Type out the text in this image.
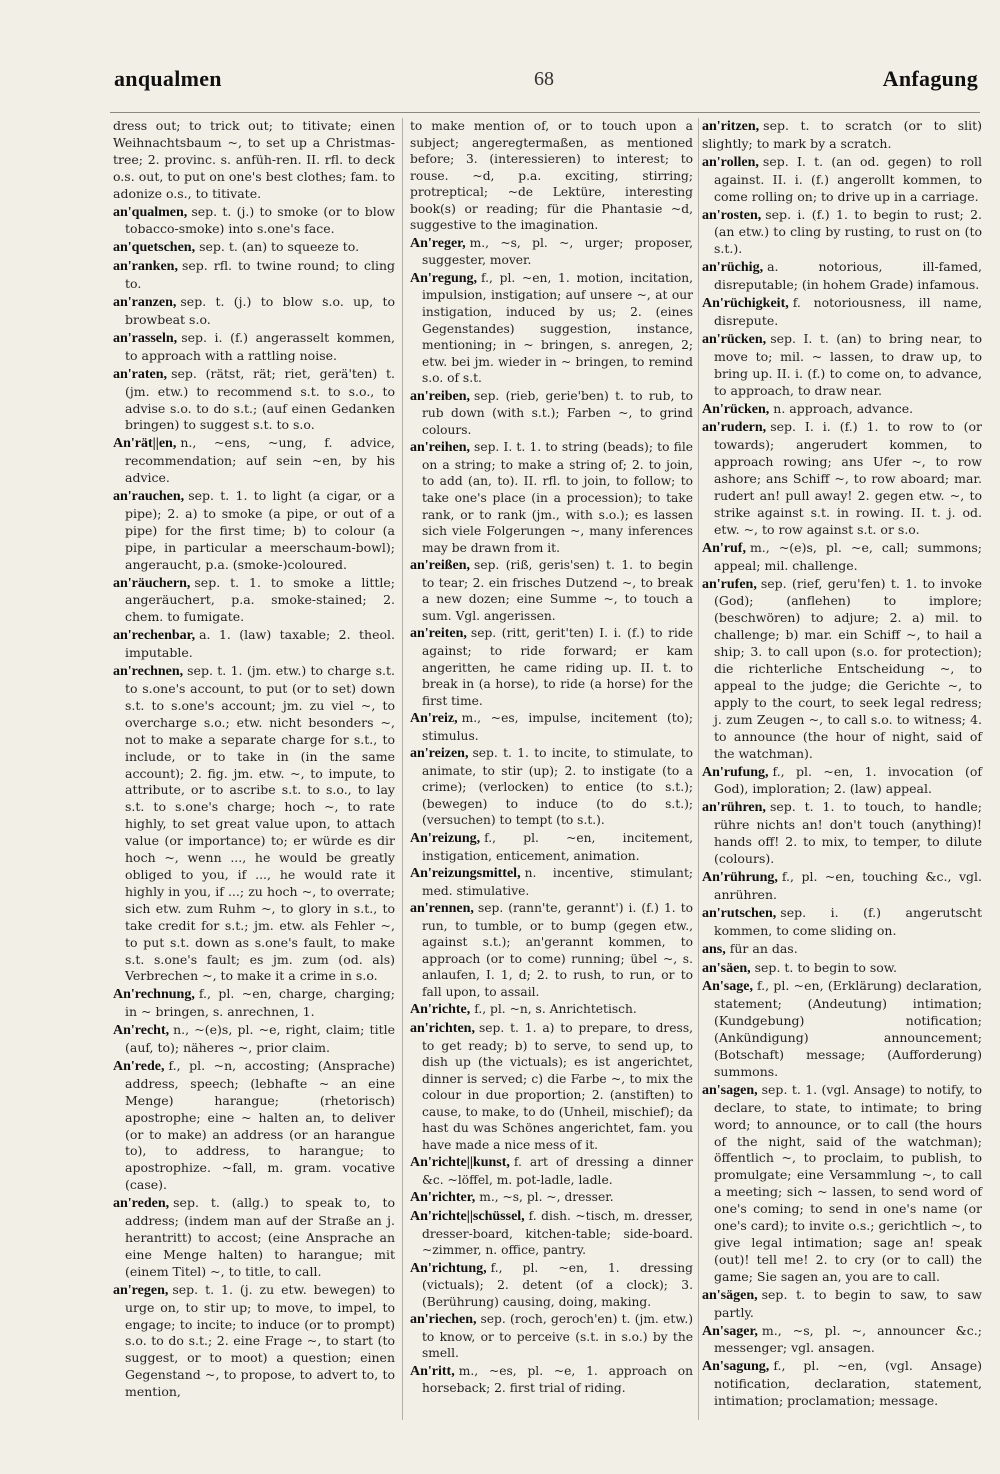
anqualmen	68	Anfagung

dress out; to trick out; to titivate; einen Weihnachtsbaum ~, to set up a Christmas-tree; 2. provinc. s. anfüh-ren. II. rfl. to deck o.s. out, to put on one's best clothes; fam. to adonize o.s., to titivate.

an'qualmen, sep. t. (j.) to smoke (or to blow tobacco-smoke) into s.one's face.

an'quetschen, sep. t. (an) to squeeze to.

an'ranken, sep. rfl. to twine round; to cling to.

an'ranzen, sep. t. (j.) to blow s.o. up, to browbeat s.o.

an'rasseln, sep. i. (f.) angerasselt kommen, to approach with a rattling noise.

an'raten, sep. (rätst, rät; riet, gerä'ten) t. (jm. etw.) to recommend s.t. to s.o., to advise s.o. to do s.t.; (auf einen Gedanken bringen) to suggest s.t. to s.o.

An'rät||en, n., ~ens, ~ung, f. advice, recommendation; auf sein ~en, by his advice.

an'rauchen, sep. t. 1. to light (a cigar, or a pipe); 2. a) to smoke (a pipe, or out of a pipe) for the first time; b) to colour (a pipe, in particular a meerschaum-bowl); angeraucht, p.a. (smoke-)coloured.

an'räuchern, sep. t. 1. to smoke a little; angeräuchert, p.a. smoke-stained; 2. chem. to fumigate.

an'rechenbar, a. 1. (law) taxable; 2. theol. imputable.

an'rechnen, sep. t. 1. (jm. etw.) to charge s.t. to s.one's account, to put (or to set) down s.t. to s.one's account; jm. zu viel ~, to overcharge s.o.; etw. nicht besonders ~, not to make a separate charge for s.t., to include, or to take in (in the same account); 2. fig. jm. etw. ~, to impute, to attribute, or to ascribe s.t. to s.o., to lay s.t. to s.one's charge; hoch ~, to rate highly, to set great value upon, to attach value (or importance) to; er würde es dir hoch ~, wenn ..., he would be greatly obliged to you, if ..., he would rate it highly in you, if ...; zu hoch ~, to overrate; sich etw. zum Ruhm ~, to glory in s.t., to take credit for s.t.; jm. etw. als Fehler ~, to put s.t. down as s.one's fault, to make s.t. s.one's fault; es jm. zum (od. als) Verbrechen ~, to make it a crime in s.o.

An'rechnung, f., pl. ~en, charge, charging; in ~ bringen, s. anrechnen, 1.

An'recht, n., ~(e)s, pl. ~e, right, claim; title (auf, to); näheres ~, prior claim.

An'rede, f., pl. ~n, accosting; (Ansprache) address, speech; (lebhafte ~ an eine Menge) harangue; (rhetorisch) apostrophe; eine ~ halten an, to deliver (or to make) an address (or an harangue to), to address, to harangue; to apostrophize. ~fall, m. gram. vocative (case).

an'reden, sep. t. (allg.) to speak to, to address; (indem man auf der Straße an j. herantritt) to accost; (eine Ansprache an eine Menge halten) to harangue; mit (einem Titel) ~, to title, to call.

an'regen, sep. t. 1. (j. zu etw. bewegen) to urge on, to stir up; to move, to impel, to engage; to incite; to induce (or to prompt) s.o. to do s.t.; 2. eine Frage ~, to start (to suggest, or to moot) a question; einen Gegenstand ~, to propose, to advert to, to mention,

to make mention of, or to touch upon a subject; angeregtermaßen, as mentioned before; 3. (interessieren) to interest; to rouse. ~d, p.a. exciting, stirring; protreptical; ~de Lektüre, interesting book(s) or reading; für die Phantasie ~d, suggestive to the imagination.

An'reger, m., ~s, pl. ~, urger; proposer, suggester, mover.

An'regung, f., pl. ~en, 1. motion, incitation, impulsion, instigation; auf unsere ~, at our instigation, induced by us; 2. (eines Gegenstandes) suggestion, instance, mentioning; in ~ bringen, s. anregen, 2; etw. bei jm. wieder in ~ bringen, to remind s.o. of s.t.

an'reiben, sep. (rieb, gerie'ben) t. to rub, to rub down (with s.t.); Farben ~, to grind colours.

an'reihen, sep. I. t. 1. to string (beads); to file on a string; to make a string of; 2. to join, to add (an, to). II. rfl. to join, to follow; to take one's place (in a procession); to take rank, or to rank (jm., with s.o.); es lassen sich viele Folgerungen ~, many inferences may be drawn from it.

an'reißen, sep. (riß, geris'sen) t. 1. to begin to tear; 2. ein frisches Dutzend ~, to break a new dozen; eine Summe ~, to touch a sum. Vgl. angerissen.

an'reiten, sep. (ritt, gerit'ten) I. i. (f.) to ride against; to ride forward; er kam angeritten, he came riding up. II. t. to break in (a horse), to ride (a horse) for the first time.

An'reiz, m., ~es, impulse, incitement (to); stimulus.

an'reizen, sep. t. 1. to incite, to stimulate, to animate, to stir (up); 2. to instigate (to a crime); (verlocken) to entice (to s.t.); (bewegen) to induce (to do s.t.); (versuchen) to tempt (to s.t.).

An'reizung, f., pl. ~en, incitement, instigation, enticement, animation.

An'reizungsmittel, n. incentive, stimulant; med. stimulative.

an'rennen, sep. (rann'te, gerannt') i. (f.) 1. to run, to tumble, or to bump (gegen etw., against s.t.); an'gerannt kommen, to approach (or to come) running; übel ~, s. anlaufen, I. 1, d; 2. to rush, to run, or to fall upon, to assail.

An'richte, f., pl. ~n, s. Anrichtetisch.

an'richten, sep. t. 1. a) to prepare, to dress, to get ready; b) to serve, to send up, to dish up (the victuals); es ist angerichtet, dinner is served; c) die Farbe ~, to mix the colour in due proportion; 2. (anstiften) to cause, to make, to do (Unheil, mischief); da hast du was Schönes angerichtet, fam. you have made a nice mess of it.

An'richte||kunst, f. art of dressing a dinner &c. ~löffel, m. pot-ladle, ladle.

An'richter, m., ~s, pl. ~, dresser.

An'richte||schüssel, f. dish. ~tisch, m. dresser, dresser-board, kitchen-table; side-board. ~zimmer, n. office, pantry.

An'richtung, f., pl. ~en, 1. dressing (victuals); 2. detent (of a clock); 3. (Berührung) causing, doing, making.

an'riechen, sep. (roch, geroch'en) t. (jm. etw.) to know, or to perceive (s.t. in s.o.) by the smell.

An'ritt, m., ~es, pl. ~e, 1. approach on horseback; 2. first trial of riding.

an'ritzen, sep. t. to scratch (or to slit) slightly; to mark by a scratch.

an'rollen, sep. I. t. (an od. gegen) to roll against. II. i. (f.) angerollt kommen, to come rolling on; to drive up in a carriage.

an'rosten, sep. i. (f.) 1. to begin to rust; 2. (an etw.) to cling by rusting, to rust on (to s.t.).

an'rüchig, a. notorious, ill-famed, disreputable; (in hohem Grade) infamous.

An'rüchigkeit, f. notoriousness, ill name, disrepute.

an'rücken, sep. I. t. (an) to bring near, to move to; mil. ~ lassen, to draw up, to bring up. II. i. (f.) to come on, to advance, to approach, to draw near.

An'rücken, n. approach, advance.

an'rudern, sep. I. i. (f.) 1. to row to (or towards); angerudert kommen, to approach rowing; ans Ufer ~, to row ashore; ans Schiff ~, to row aboard; mar. rudert an! pull away! 2. gegen etw. ~, to strike against s.t. in rowing. II. t. j. od. etw. ~, to row against s.t. or s.o.

An'ruf, m., ~(e)s, pl. ~e, call; summons; appeal; mil. challenge.

an'rufen, sep. (rief, geru'fen) t. 1. to invoke (God); (anflehen) to implore; (beschwören) to adjure; 2. a) mil. to challenge; b) mar. ein Schiff ~, to hail a ship; 3. to call upon (s.o. for protection); die richterliche Entscheidung ~, to appeal to the judge; die Gerichte ~, to apply to the court, to seek legal redress; j. zum Zeugen ~, to call s.o. to witness; 4. to announce (the hour of night, said of the watchman).

An'rufung, f., pl. ~en, 1. invocation (of God), imploration; 2. (law) appeal.

an'rühren, sep. t. 1. to touch, to handle; rühre nichts an! don't touch (anything)! hands off! 2. to mix, to temper, to dilute (colours).

An'rührung, f., pl. ~en, touching &c., vgl. anrühren.

an'rutschen, sep. i. (f.) angerutscht kommen, to come sliding on.

ans, für an das.

an'säen, sep. t. to begin to sow.

An'sage, f., pl. ~en, (Erklärung) declaration, statement; (Andeutung) intimation; (Kundgebung) notification; (Ankündigung) announcement; (Botschaft) message; (Aufforderung) summons.

an'sagen, sep. t. 1. (vgl. Ansage) to notify, to declare, to state, to intimate; to bring word; to announce, or to call (the hours of the night, said of the watchman); öffentlich ~, to proclaim, to publish, to promulgate; eine Versammlung ~, to call a meeting; sich ~ lassen, to send word of one's coming; to send in one's name (or one's card); to invite o.s.; gerichtlich ~, to give legal intimation; sage an! speak (out)! tell me! 2. to cry (or to call) the game; Sie sagen an, you are to call.

an'sägen, sep. t. to begin to saw, to saw partly.

An'sager, m., ~s, pl. ~, announcer &c.; messenger; vgl. ansagen.

An'sagung, f., pl. ~en, (vgl. Ansage) notification, declaration, statement, intimation; proclamation; message.
